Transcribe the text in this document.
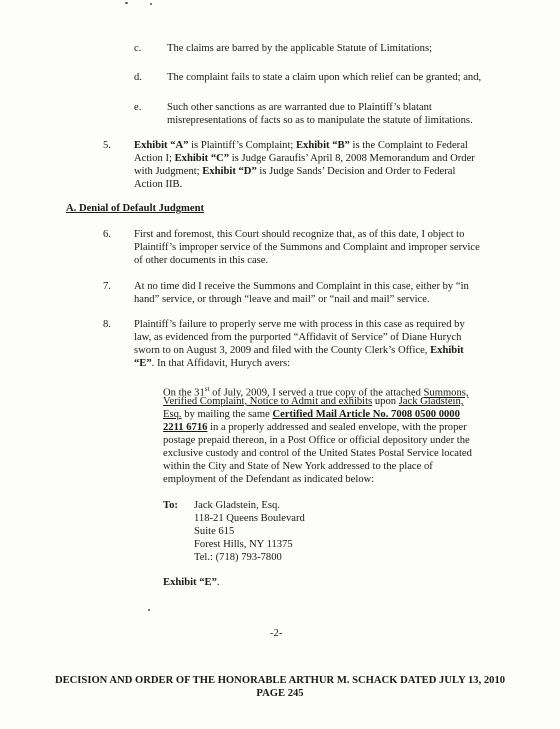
c. The claims are barred by the applicable Statute of Limitations;
d. The complaint fails to state a claim upon which relief can be granted; and,
e. Such other sanctions as are warranted due to Plaintiff’s blatant
misrepresentations of facts so as to manipulate the statute of limitations.
5. Exhibit “A” is Plaintiff’s Complaint; Exhibit “B” is the Complaint to Federal
Action I; Exhibit “C” is Judge Garaufis’ April 8, 2008 Memorandum and Order
with Judgment; Exhibit “D” is Judge Sands’ Decision and Order to Federal
Action IIB.
A. Denial of Default Judgment
6. First and foremost, this Court should recognize that, as of this date, I object to
Plaintiff’s improper service of the Summons and Complaint and improper service
of other documents in this case.
7. At no time did I receive the Summons and Complaint in this case, either by “in
hand” service, or through “leave and mail” or “nail and mail” service.
8. Plaintiff’s failure to properly serve me with process in this case as required by
law, as evidenced from the purported “Affidavit of Service” of Diane Hurych
sworn to on August 3, 2009 and filed with the County Clerk’s Office, Exhibit
“E”. In that Affidavit, Hurych avers:
On the 31st of July, 2009, I served a true copy of the attached Summons,
Verified Complaint, Notice to Admit and exhibits upon Jack Gladstein,
Esq. by mailing the same Certified Mail Article No. 7008 0500 0000
2211 6716 in a properly addressed and sealed envelope, with the proper
postage prepaid thereon, in a Post Office or official depository under the
exclusive custody and control of the United States Postal Service located
within the City and State of New York addressed to the place of
employment of the Defendant as indicated below:
To: Jack Gladstein, Esq.
118-21 Queens Boulevard
Suite 615
Forest Hills, NY 11375
Tel.: (718) 793-7800
Exhibit “E”.
-2-
DECISION AND ORDER OF THE HONORABLE ARTHUR M. SCHACK DATED JULY 13, 2010
PAGE 245
